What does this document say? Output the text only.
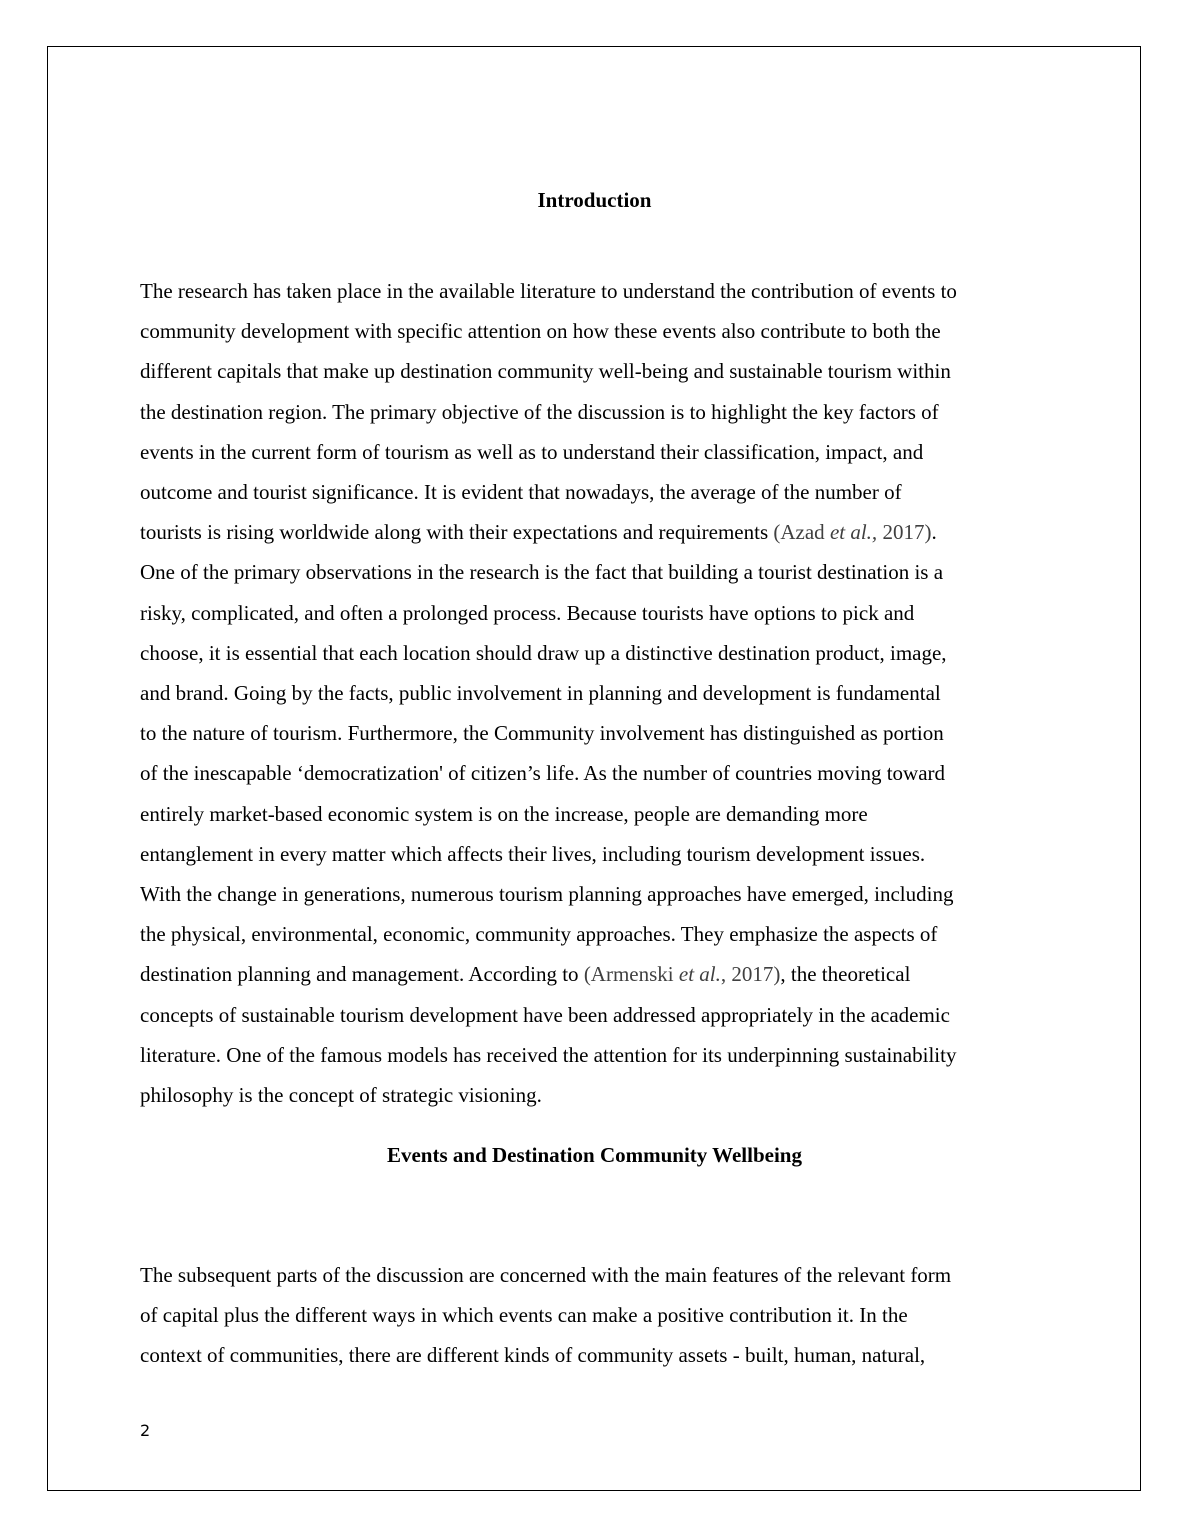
Introduction
The research has taken place in the available literature to understand the contribution of events to
community development with specific attention on how these events also contribute to both the
different capitals that make up destination community well-being and sustainable tourism within
the destination region. The primary objective of the discussion is to highlight the key factors of
events in the current form of tourism as well as to understand their classification, impact, and
outcome and tourist significance. It is evident that nowadays, the average of the number of
tourists is rising worldwide along with their expectations and requirements (Azad et al., 2017).
One of the primary observations in the research is the fact that building a tourist destination is a
risky, complicated, and often a prolonged process. Because tourists have options to pick and
choose, it is essential that each location should draw up a distinctive destination product, image,
and brand. Going by the facts, public involvement in planning and development is fundamental
to the nature of tourism. Furthermore, the Community involvement has distinguished as portion
of the inescapable ‘democratization' of citizen’s life. As the number of countries moving toward
entirely market-based economic system is on the increase, people are demanding more
entanglement in every matter which affects their lives, including tourism development issues.
With the change in generations, numerous tourism planning approaches have emerged, including
the physical, environmental, economic, community approaches. They emphasize the aspects of
destination planning and management. According to (Armenski et al., 2017), the theoretical
concepts of sustainable tourism development have been addressed appropriately in the academic
literature. One of the famous models has received the attention for its underpinning sustainability
philosophy is the concept of strategic visioning.
Events and Destination Community Wellbeing
The subsequent parts of the discussion are concerned with the main features of the relevant form
of capital plus the different ways in which events can make a positive contribution it. In the
context of communities, there are different kinds of community assets - built, human, natural,
2
